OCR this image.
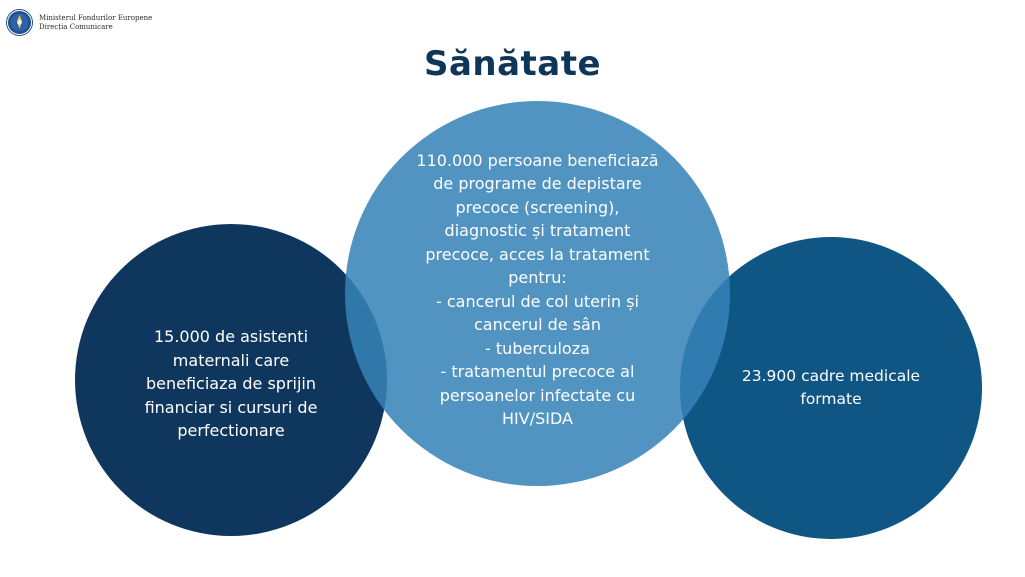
Ministerul Fondurilor Europene
Direcția Comunicare
Sănătate

15.000 de asistenti
maternali care
beneficiaza de sprijin
financiar si cursuri de
perfectionare

23.900 cadre medicale
formate

110.000 persoane beneficiază
de programe de depistare
precoce (screening),
diagnostic și tratament
precoce, acces la tratament
pentru:
- cancerul de col uterin și
cancerul de sân
- tuberculoza
- tratamentul precoce al
persoanelor infectate cu
HIV/SIDA
